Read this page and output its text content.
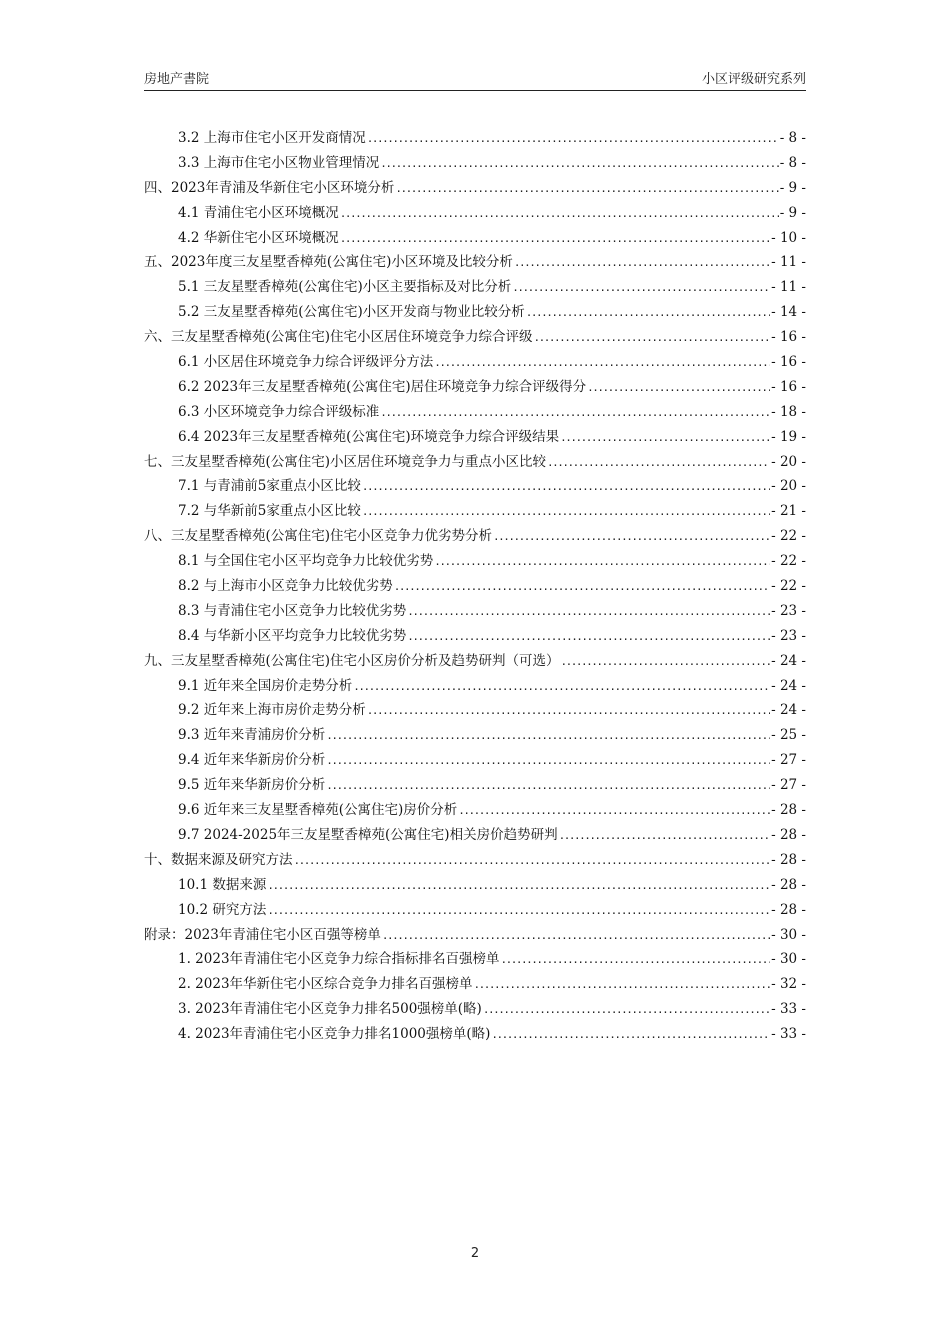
房地产書院	小区评级研究系列
3.2 上海市住宅小区开发商情况 .....	- 8 -
3.3 上海市住宅小区物业管理情况 .....	- 8 -
四、2023年青浦及华新住宅小区环境分析 .....	- 9 -
4.1 青浦住宅小区环境概况 .....	- 9 -
4.2 华新住宅小区环境概况 .....	- 10 -
五、2023年度三友星墅香樟苑(公寓住宅)小区环境及比较分析 .....	- 11 -
5.1 三友星墅香樟苑(公寓住宅)小区主要指标及对比分析 .....	- 11 -
5.2 三友星墅香樟苑(公寓住宅)小区开发商与物业比较分析 .....	- 14 -
六、三友星墅香樟苑(公寓住宅)住宅小区居住环境竞争力综合评级 .....	- 16 -
6.1 小区居住环境竞争力综合评级评分方法 .....	- 16 -
6.2 2023年三友星墅香樟苑(公寓住宅)居住环境竞争力综合评级得分 .....	- 16 -
6.3 小区环境竞争力综合评级标准 .....	- 18 -
6.4 2023年三友星墅香樟苑(公寓住宅)环境竞争力综合评级结果 .....	- 19 -
七、三友星墅香樟苑(公寓住宅)小区居住环境竞争力与重点小区比较 .....	- 20 -
7.1 与青浦前5家重点小区比较 .....	- 20 -
7.2 与华新前5家重点小区比较 .....	- 21 -
八、三友星墅香樟苑(公寓住宅)住宅小区竞争力优劣势分析 .....	- 22 -
8.1 与全国住宅小区平均竞争力比较优劣势 .....	- 22 -
8.2 与上海市小区竞争力比较优劣势 .....	- 22 -
8.3 与青浦住宅小区竞争力比较优劣势 .....	- 23 -
8.4 与华新小区平均竞争力比较优劣势 .....	- 23 -
九、三友星墅香樟苑(公寓住宅)住宅小区房价分析及趋势研判（可选） .....	- 24 -
9.1 近年来全国房价走势分析 .....	- 24 -
9.2 近年来上海市房价走势分析 .....	- 24 -
9.3 近年来青浦房价分析 .....	- 25 -
9.4 近年来华新房价分析 .....	- 27 -
9.5 近年来华新房价分析 .....	- 27 -
9.6 近年来三友星墅香樟苑(公寓住宅)房价分析 .....	- 28 -
9.7 2024-2025年三友星墅香樟苑(公寓住宅)相关房价趋势研判 .....	- 28 -
十、数据来源及研究方法 .....	- 28 -
10.1 数据来源 .....	- 28 -
10.2 研究方法 .....	- 28 -
附录：2023年青浦住宅小区百强等榜单 .....	- 30 -
1. 2023年青浦住宅小区竞争力综合指标排名百强榜单 .....	- 30 -
2. 2023年华新住宅小区综合竞争力排名百强榜单 .....	- 32 -
3. 2023年青浦住宅小区竞争力排名500强榜单(略) .....	- 33 -
4. 2023年青浦住宅小区竞争力排名1000强榜单(略) .....	- 33 -
2
